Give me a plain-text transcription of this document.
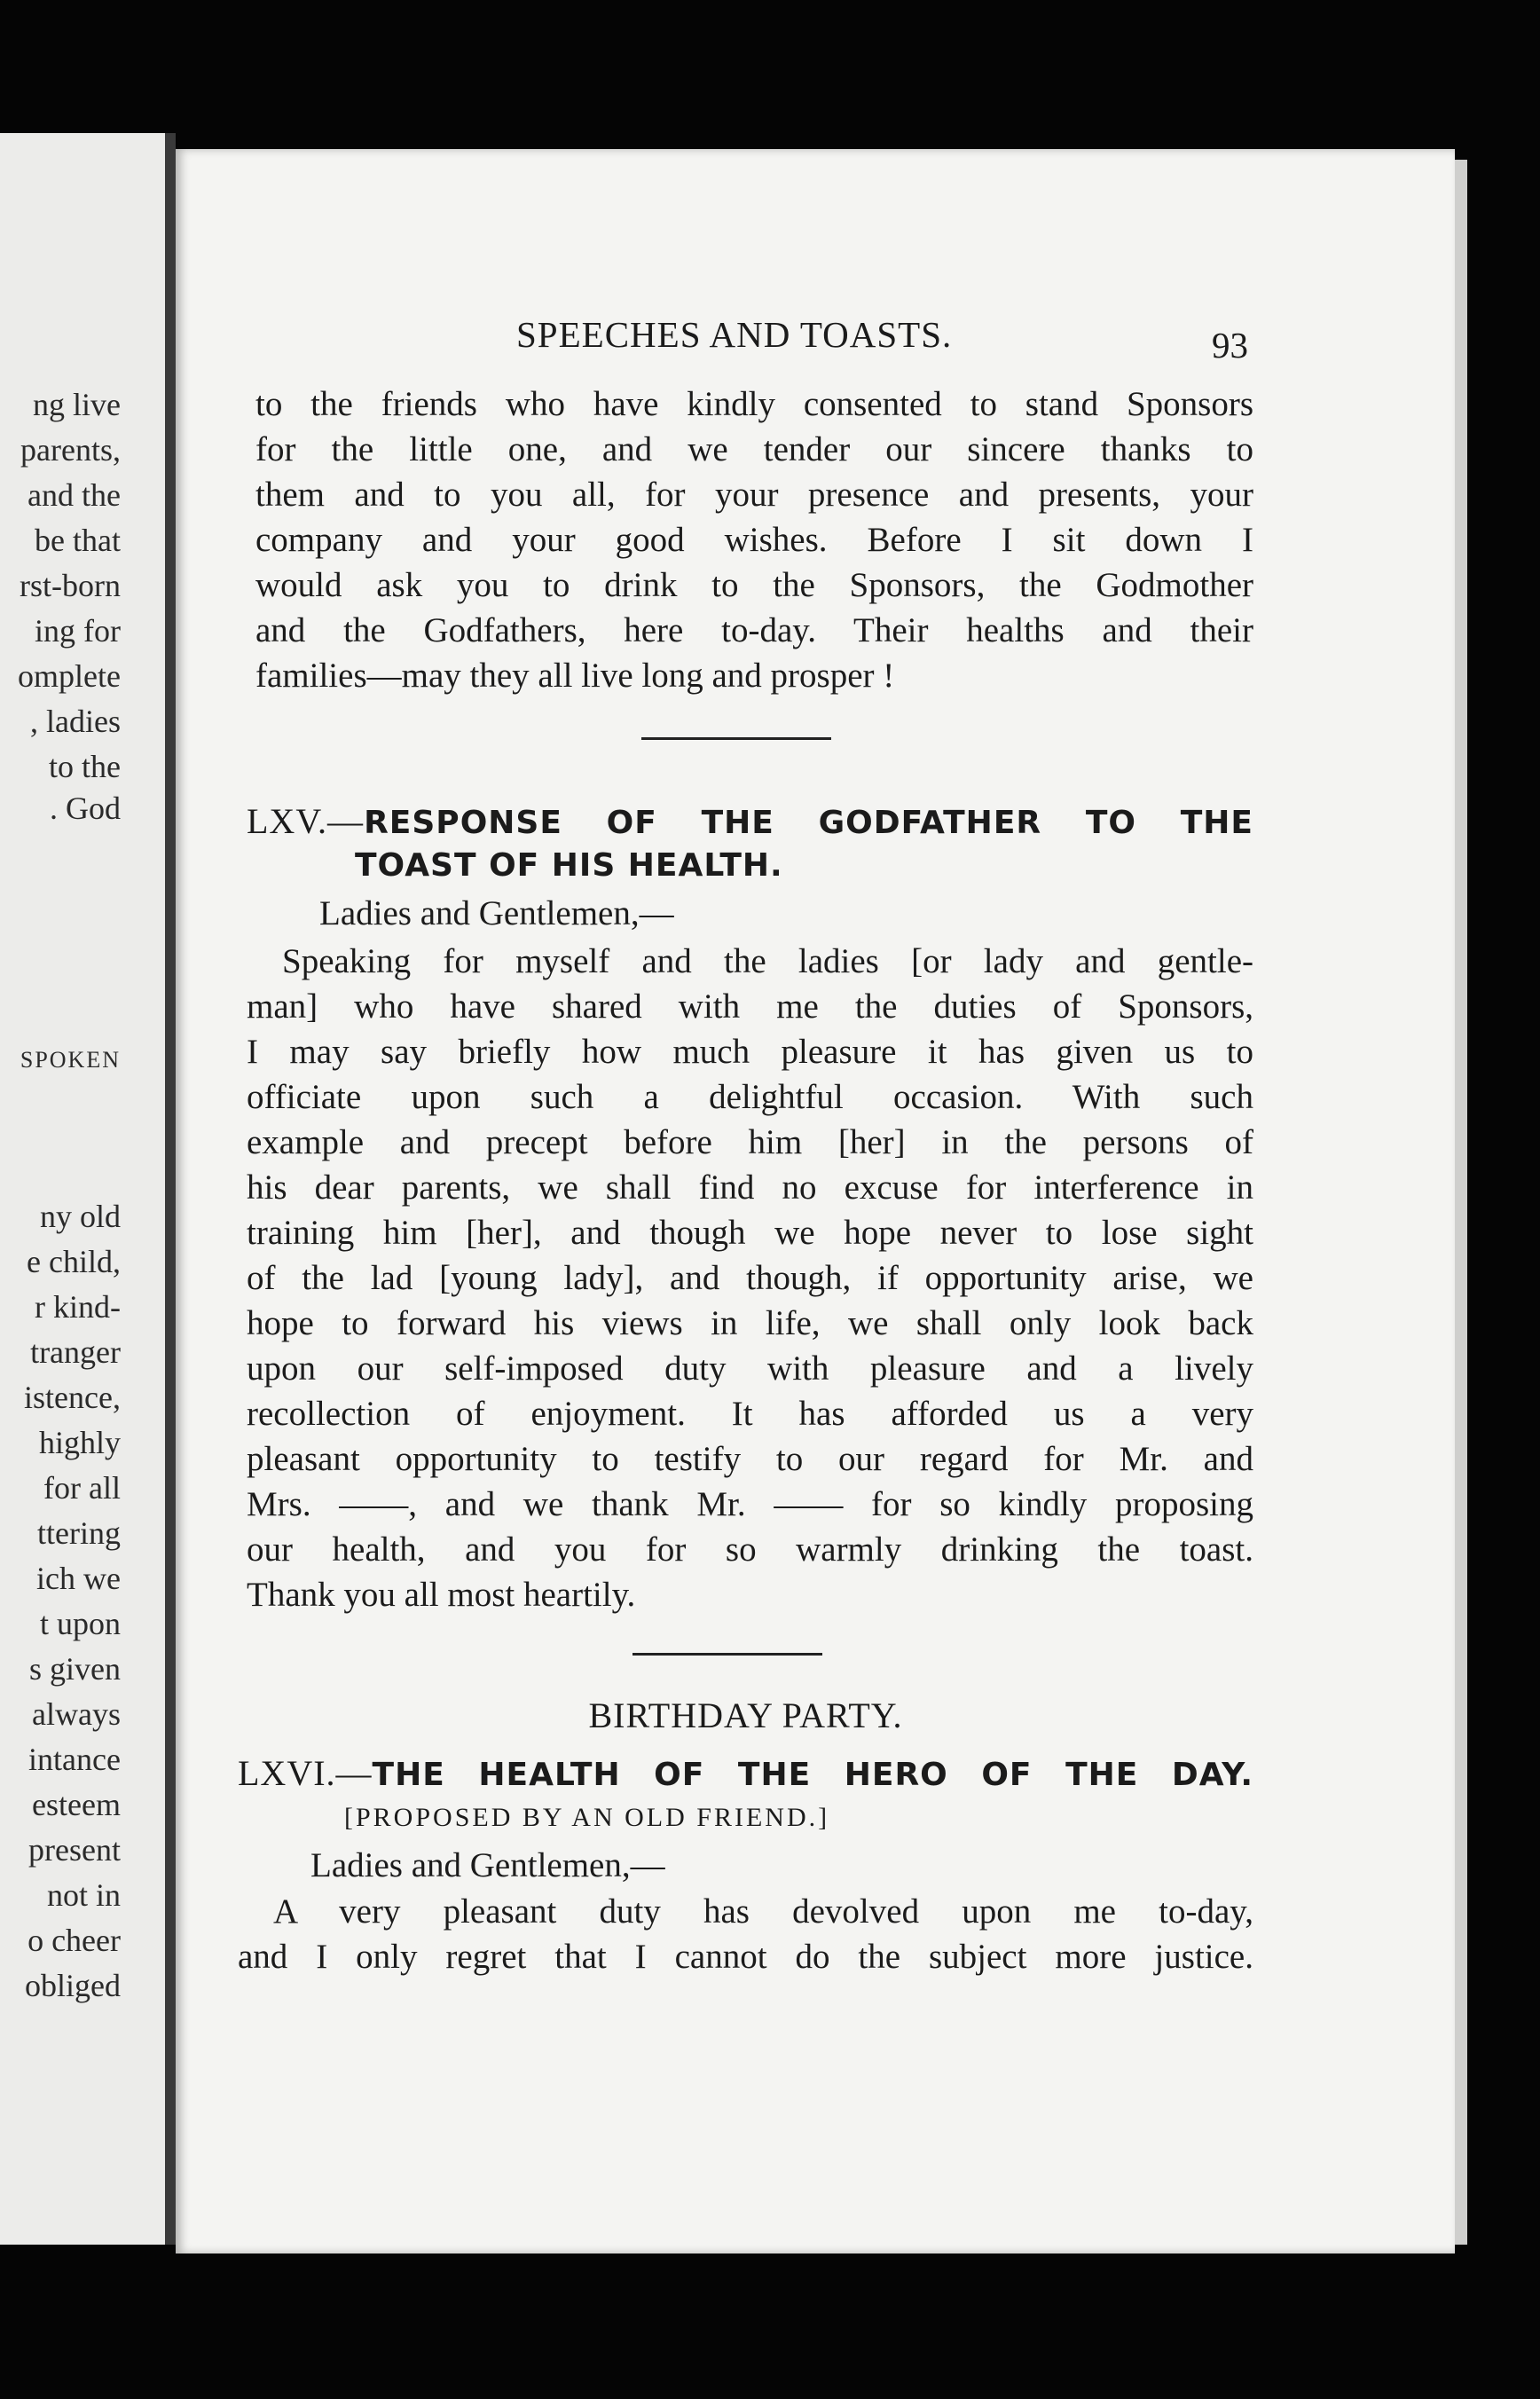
ng live
parents,
and the
be that
rst-born
ing for
omplete
, ladies
to the
. God
SPOKEN
ny old
e child,
r kind-
tranger
istence,
highly
for all
ttering
ich we
t upon
s given
always
intance
esteem
present
not in
o cheer
obliged
SPEECHES AND TOASTS.	93

to the friends who have kindly consented to stand Sponsors

for the little one, and we tender our sincere thanks to

them and to you all, for your presence and presents, your

company and your good wishes. Before I sit down I

would ask you to drink to the Sponsors, the Godmother

and the Godfathers, here to-day. Their healths and their

families—may they all live long and prosper !

LXV.—RESPONSE OF THE GODFATHER TO THE

TOAST OF HIS HEALTH.

Ladies and Gentlemen,—

Speaking for myself and the ladies [or lady and gentle-

man] who have shared with me the duties of Sponsors,

I may say briefly how much pleasure it has given us to

officiate upon such a delightful occasion. With such

example and precept before him [her] in the persons of

his dear parents, we shall find no excuse for interference in

training him [her], and though we hope never to lose sight

of the lad [young lady], and though, if opportunity arise, we

hope to forward his views in life, we shall only look back

upon our self-imposed duty with pleasure and a lively

recollection of enjoyment. It has afforded us a very

pleasant opportunity to testify to our regard for Mr. and

Mrs. ——, and we thank Mr. —— for so kindly proposing

our health, and you for so warmly drinking the toast.

Thank you all most heartily.

BIRTHDAY PARTY.

LXVI.—THE HEALTH OF THE HERO OF THE DAY.

[PROPOSED BY AN OLD FRIEND.]

Ladies and Gentlemen,—

A very pleasant duty has devolved upon me to-day,

and I only regret that I cannot do the subject more justice.
